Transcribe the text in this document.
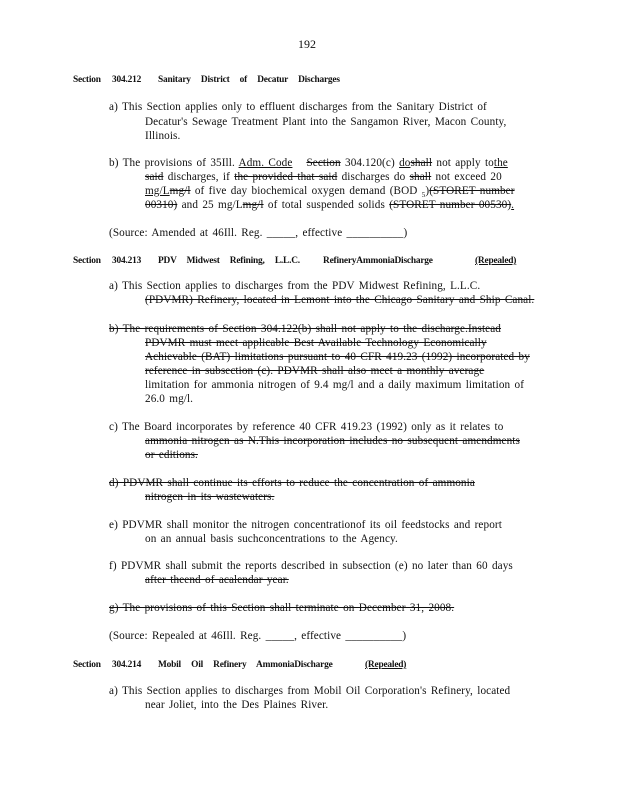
192
Section 304.212 Sanitary District of Decatur Discharges
a) This Section applies only to effluent discharges from the Sanitary District of
Decatur's Sewage Treatment Plant into the Sangamon River, Macon County,
Illinois.
b) The provisions of 35Ill. Adm. Code Section 304.120(c) doshall not apply tothe
said discharges, if the provided that said discharges do shall not exceed 20
mg/Lmg/l of five day biochemical oxygen demand (BOD $_5$)(STORET number
00310) and 25 mg/Lmg/l of total suspended solids (STORET number 00530).
(Source: Amended at 46Ill. Reg. _____, effective __________)
Section 304.213 PDV Midwest Refining, L.L.C. RefineryAmmoniaDischarge	(Repealed)
a) This Section applies to discharges from the PDV Midwest Refining, L.L.C.
(PDVMR) Refinery, located in Lemont into the Chicago Sanitary and Ship Canal.
b) The requirements of Section 304.122(b) shall not apply to the discharge.Instead
PDVMR must meet applicable Best Available Technology Economically
Achievable (BAT) limitations pursuant to 40 CFR 419.23 (1992) incorporated by
reference in subsection (c). PDVMR shall also meet a monthly average
limitation for ammonia nitrogen of 9.4 mg/l and a daily maximum limitation of
26.0 mg/l.
c) The Board incorporates by reference 40 CFR 419.23 (1992) only as it relates to
ammonia nitrogen as N.This incorporation includes no subsequent amendments
or editions.
d) PDVMR shall continue its efforts to reduce the concentration of ammonia
nitrogen in its wastewaters.
e) PDVMR shall monitor the nitrogen concentrationof its oil feedstocks and report
on an annual basis suchconcentrations to the Agency.
f) PDVMR shall submit the reports described in subsection (e) no later than 60 days
after theend of acalendar year.
g) The provisions of this Section shall terminate on December 31, 2008.
(Source: Repealed at 46Ill. Reg. _____, effective __________)
Section 304.214 Mobil Oil Refinery AmmoniaDischarge	(Repealed)
a) This Section applies to discharges from Mobil Oil Corporation's Refinery, located
near Joliet, into the Des Plaines River.
